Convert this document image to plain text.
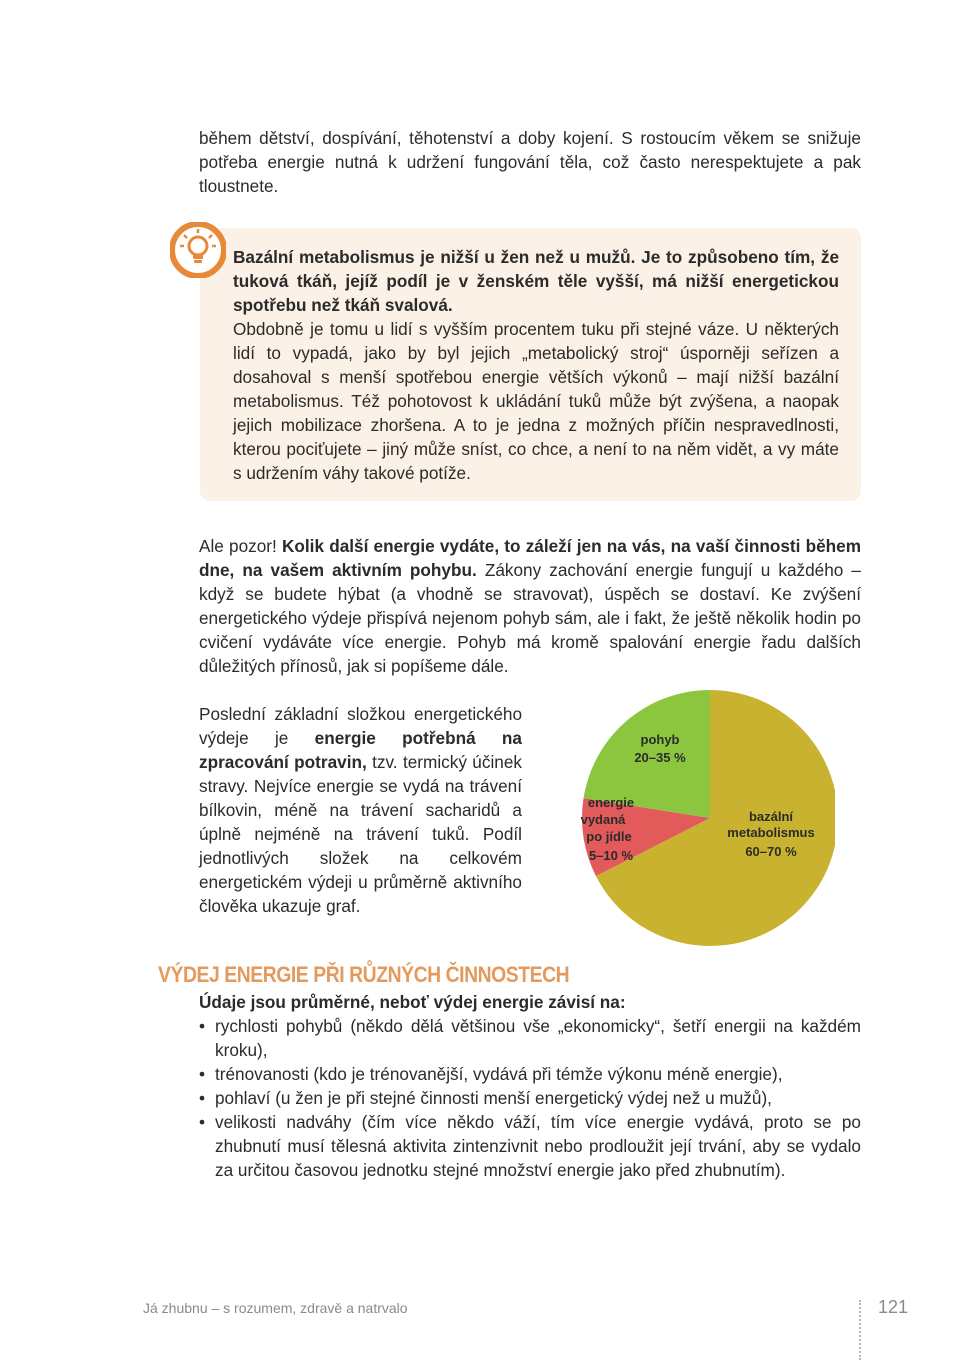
během dětství, dospívání, těhotenství a doby kojení. S rostoucím věkem se snižuje potřeba energie nutná k udržení fungování těla, což často nerespektujete a pak tloustnete.

Bazální metabolismus je nižší u žen než u mužů. Je to způsobeno tím, že tuková tkáň, jejíž podíl je v ženském těle vyšší, má nižší energetickou spotřebu než tkáň svalová.

Obdobně je tomu u lidí s vyšším procentem tuku při stejné váze. U některých lidí to vypadá, jako by byl jejich „metabolický stroj“ úsporněji seřízen a dosahoval s menší spotřebou energie větších výkonů – mají nižší bazální metabolismus. Též pohotovost k ukládání tuků může být zvýšena, a naopak jejich mobilizace zhoršena. A to je jedna z možných příčin nespravedlnosti, kterou pociťujete – jiný může sníst, co chce, a není to na něm vidět, a vy máte s udržením váhy takové potíže.

Ale pozor! Kolik další energie vydáte, to záleží jen na vás, na vaší činnosti během dne, na vašem aktivním pohybu. Zákony zachování energie fungují u každého – když se budete hýbat (a vhodně se stravovat), úspěch se dostaví. Ke zvýšení energetického výdeje přispívá nejenom pohyb sám, ale i fakt, že ještě několik hodin po cvičení vydáváte více energie. Pohyb má kromě spalování energie řadu dalších důležitých přínosů, jak si popíšeme dále.

Poslední základní složkou energetického výdeje je energie potřebná na zpracování potravin, tzv. termický účinek stravy. Nejvíce energie se vydá na trávení bílkovin, méně na trávení sacharidů a úplně nejméně na trávení tuků. Podíl jednotlivých složek na celkovém energetickém výdeji u průměrně aktivního člověka ukazuje graf.
bazální
metabolismus
60–70 %
energie
vydaná
po jídle
5–10 %
pohyb
20–35 %
VÝDEJ ENERGIE PŘI RŮZNÝCH ČINNOSTECH
Údaje jsou průměrné, neboť výdej energie závisí na:
• rychlosti pohybů (někdo dělá většinou vše „ekonomicky“, šetří energii na každém kroku),
• trénovanosti (kdo je trénovanější, vydává při témže výkonu méně energie),
• pohlaví (u žen je při stejné činnosti menší energetický výdej než u mužů),
• velikosti nadváhy (čím více někdo váží, tím více energie vydává, proto se po zhubnutí musí tělesná aktivita zintenzivnit nebo prodloužit její trvání, aby se vydalo za určitou časovou jednotku stejné množství energie jako před zhubnutím).
Já zhubnu – s rozumem, zdravě a natrvalo	121
